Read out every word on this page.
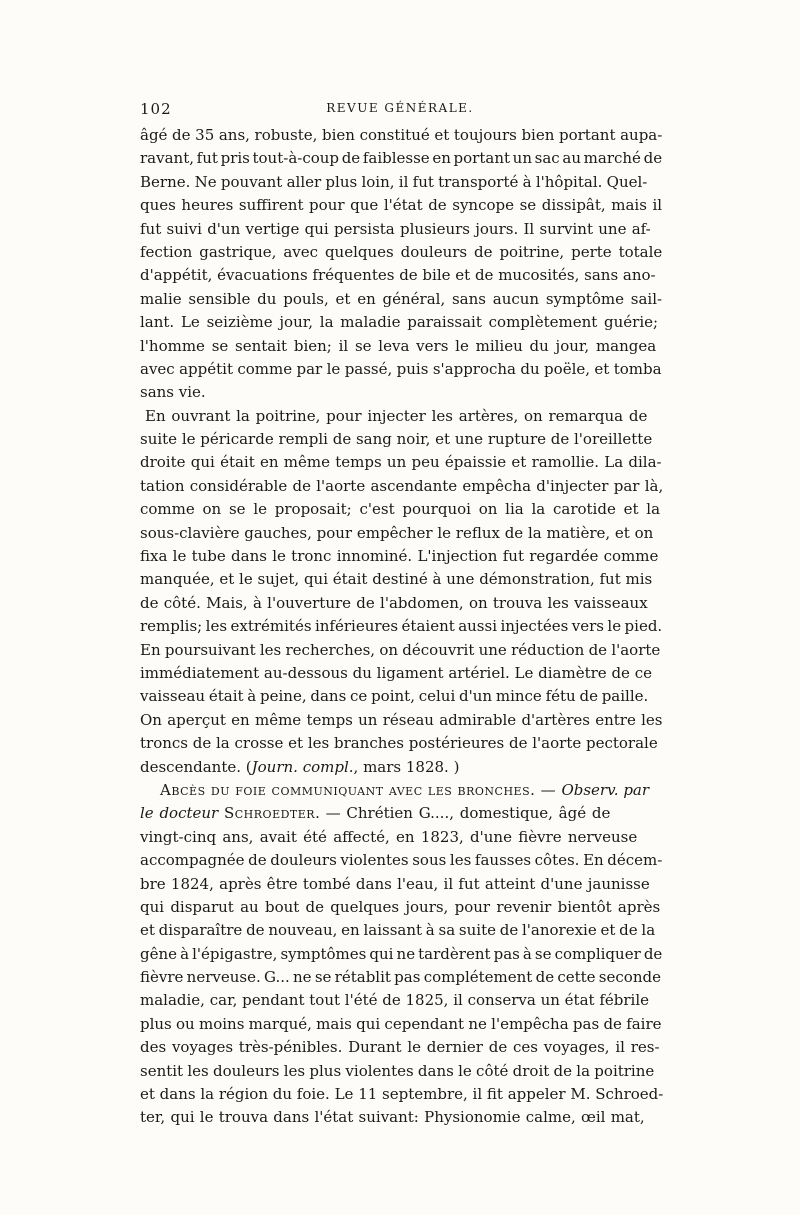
102	REVUE GÉNÉRALE.
âgé de 35 ans, robuste, bien constitué et toujours bien portant aupa-
ravant, fut pris tout-à-coup de faiblesse en portant un sac au marché de
Berne. Ne pouvant aller plus loin, il fut transporté à l'hôpital. Quel-
ques heures suffirent pour que l'état de syncope se dissipât, mais il
fut suivi d'un vertige qui persista plusieurs jours. Il survint une af-
fection gastrique, avec quelques douleurs de poitrine, perte totale
d'appétit, évacuations fréquentes de bile et de mucosités, sans ano-
malie sensible du pouls, et en général, sans aucun symptôme sail-
lant. Le seizième jour, la maladie paraissait complètement guérie;
l'homme se sentait bien; il se leva vers le milieu du jour, mangea
avec appétit comme par le passé, puis s'approcha du poële, et tomba
sans vie.
En ouvrant la poitrine, pour injecter les artères, on remarqua de
suite le péricarde rempli de sang noir, et une rupture de l'oreillette
droite qui était en même temps un peu épaissie et ramollie. La dila-
tation considérable de l'aorte ascendante empêcha d'injecter par là,
comme on se le proposait; c'est pourquoi on lia la carotide et la
sous-clavière gauches, pour empêcher le reflux de la matière, et on
fixa le tube dans le tronc innominé. L'injection fut regardée comme
manquée, et le sujet, qui était destiné à une démonstration, fut mis
de côté. Mais, à l'ouverture de l'abdomen, on trouva les vaisseaux
remplis; les extrémités inférieures étaient aussi injectées vers le pied.
En poursuivant les recherches, on découvrit une réduction de l'aorte
immédiatement au-dessous du ligament artériel. Le diamètre de ce
vaisseau était à peine, dans ce point, celui d'un mince fétu de paille.
On aperçut en même temps un réseau admirable d'artères entre les
troncs de la crosse et les branches postérieures de l'aorte pectorale
descendante. (Journ. compl., mars 1828. )
Abcès du foie communiquant avec les bronches. — Observ. par
le docteur Schroedter. — Chrétien G...., domestique, âgé de
vingt-cinq ans, avait été affecté, en 1823, d'une fièvre nerveuse
accompagnée de douleurs violentes sous les fausses côtes. En décem-
bre 1824, après être tombé dans l'eau, il fut atteint d'une jaunisse
qui disparut au bout de quelques jours, pour revenir bientôt après
et disparaître de nouveau, en laissant à sa suite de l'anorexie et de la
gêne à l'épigastre, symptômes qui ne tardèrent pas à se compliquer de
fièvre nerveuse. G... ne se rétablit pas complétement de cette seconde
maladie, car, pendant tout l'été de 1825, il conserva un état fébrile
plus ou moins marqué, mais qui cependant ne l'empêcha pas de faire
des voyages très-pénibles. Durant le dernier de ces voyages, il res-
sentit les douleurs les plus violentes dans le côté droit de la poitrine
et dans la région du foie. Le 11 septembre, il fit appeler M. Schroed-
ter, qui le trouva dans l'état suivant: Physionomie calme, œil mat,
